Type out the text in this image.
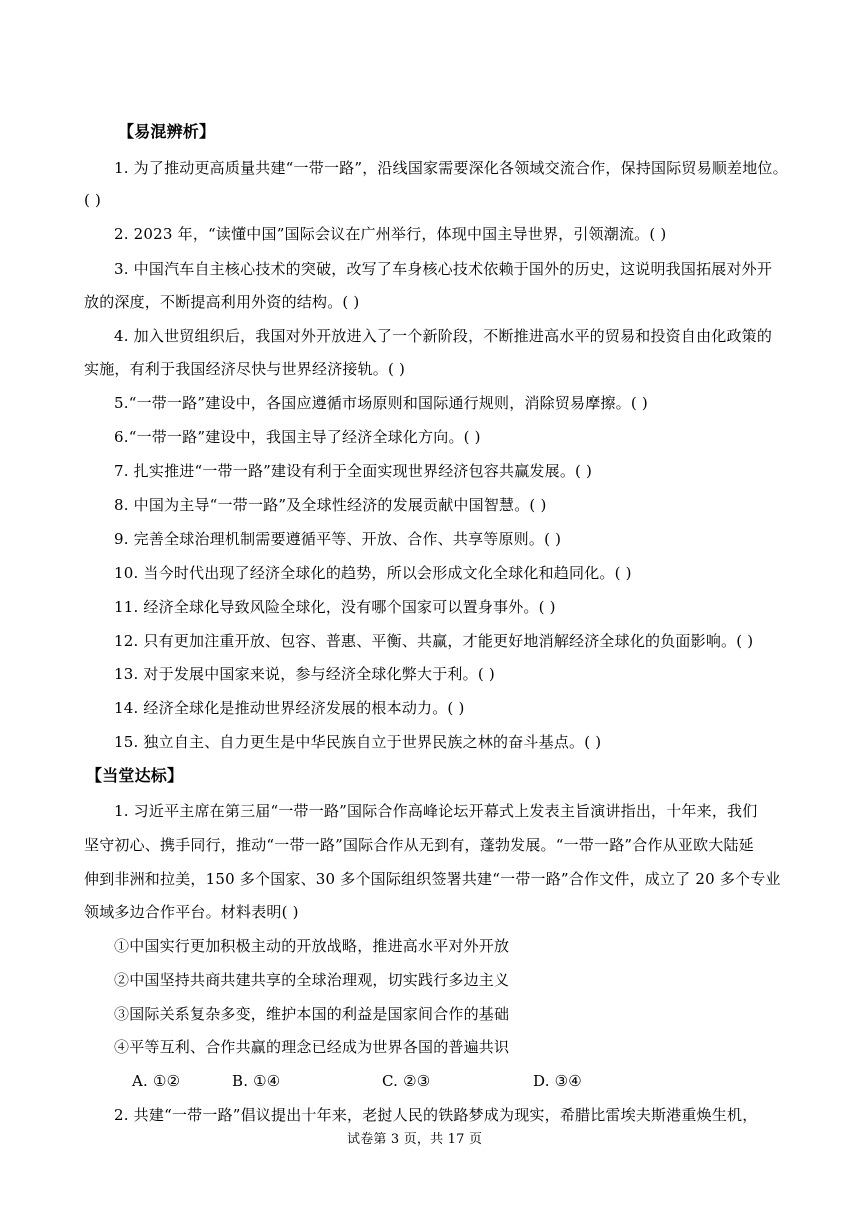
【易混辨析】
1. 为了推动更高质量共建“一带一路”，沿线国家需要深化各领域交流合作，保持国际贸易顺差地位。
( )
2. 2023 年，“读懂中国”国际会议在广州举行，体现中国主导世界，引领潮流。( )
3. 中国汽车自主核心技术的突破，改写了车身核心技术依赖于国外的历史，这说明我国拓展对外开
放的深度，不断提高利用外资的结构。( )
4. 加入世贸组织后，我国对外开放进入了一个新阶段，不断推进高水平的贸易和投资自由化政策的
实施，有利于我国经济尽快与世界经济接轨。( )
5.“一带一路”建设中，各国应遵循市场原则和国际通行规则，消除贸易摩擦。( )
6.“一带一路”建设中，我国主导了经济全球化方向。( )
7. 扎实推进“一带一路”建设有利于全面实现世界经济包容共赢发展。( )
8. 中国为主导“一带一路”及全球性经济的发展贡献中国智慧。( )
9. 完善全球治理机制需要遵循平等、开放、合作、共享等原则。( )
10. 当今时代出现了经济全球化的趋势，所以会形成文化全球化和趋同化。( )
11. 经济全球化导致风险全球化，没有哪个国家可以置身事外。( )
12. 只有更加注重开放、包容、普惠、平衡、共赢，才能更好地消解经济全球化的负面影响。( )
13. 对于发展中国家来说，参与经济全球化弊大于利。( )
14. 经济全球化是推动世界经济发展的根本动力。( )
15. 独立自主、自力更生是中华民族自立于世界民族之林的奋斗基点。( )
【当堂达标】
1. 习近平主席在第三届“一带一路”国际合作高峰论坛开幕式上发表主旨演讲指出，十年来，我们
坚守初心、携手同行，推动“一带一路”国际合作从无到有，蓬勃发展。“一带一路”合作从亚欧大陆延
伸到非洲和拉美，150 多个国家、30 多个国际组织签署共建“一带一路”合作文件，成立了 20 多个专业
领域多边合作平台。材料表明( )
①中国实行更加积极主动的开放战略，推进高水平对外开放
②中国坚持共商共建共享的全球治理观，切实践行多边主义
③国际关系复杂多变，维护本国的利益是国家间合作的基础
④平等互利、合作共赢的理念已经成为世界各国的普遍共识
A. ①②	B. ①④	C. ②③	D. ③④
2. 共建“一带一路”倡议提出十年来，老挝人民的铁路梦成为现实，希腊比雷埃夫斯港重焕生机，
试卷第 3 页，共 17 页
